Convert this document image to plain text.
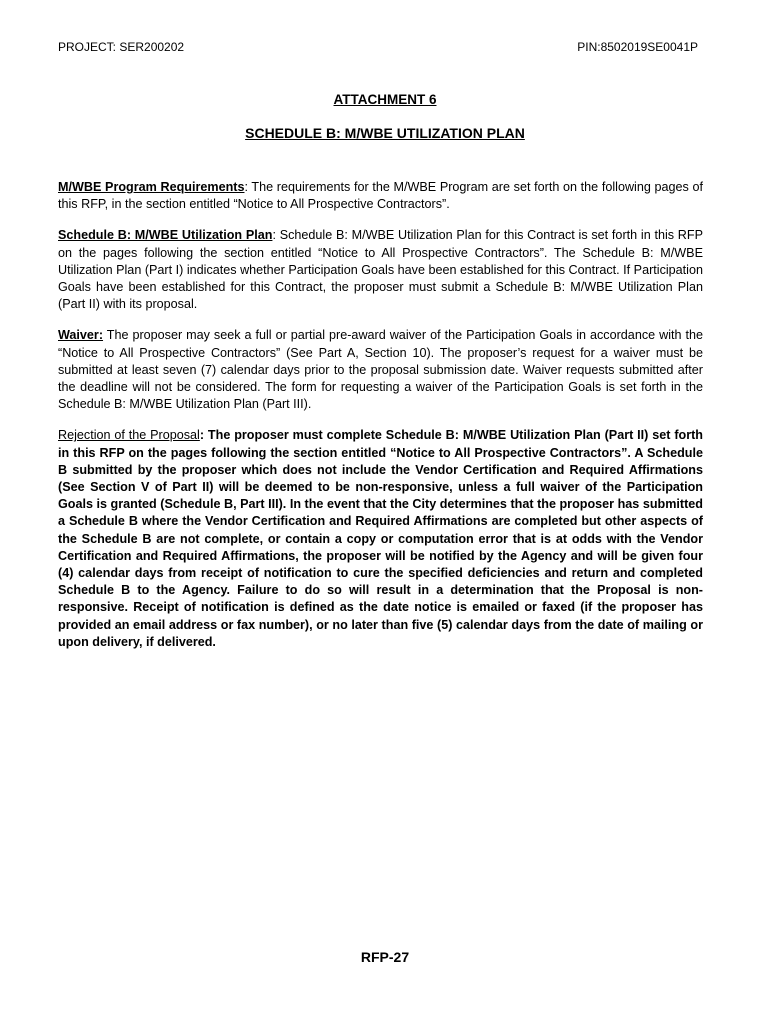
PROJECT: SER200202	PIN:8502019SE0041P
ATTACHMENT 6
SCHEDULE B: M/WBE UTILIZATION PLAN

M/WBE Program Requirements: The requirements for the M/WBE Program are set forth on the following pages of this RFP, in the section entitled “Notice to All Prospective Contractors”.

Schedule B: M/WBE Utilization Plan: Schedule B: M/WBE Utilization Plan for this Contract is set forth in this RFP on the pages following the section entitled “Notice to All Prospective Contractors”. The Schedule B: M/WBE Utilization Plan (Part I) indicates whether Participation Goals have been established for this Contract. If Participation Goals have been established for this Contract, the proposer must submit a Schedule B: M/WBE Utilization Plan (Part II) with its proposal.

Waiver: The proposer may seek a full or partial pre-award waiver of the Participation Goals in accordance with the “Notice to All Prospective Contractors” (See Part A, Section 10). The proposer’s request for a waiver must be submitted at least seven (7) calendar days prior to the proposal submission date. Waiver requests submitted after the deadline will not be considered. The form for requesting a waiver of the Participation Goals is set forth in the Schedule B: M/WBE Utilization Plan (Part III).

Rejection of the Proposal: The proposer must complete Schedule B: M/WBE Utilization Plan (Part II) set forth in this RFP on the pages following the section entitled “Notice to All Prospective Contractors”. A Schedule B submitted by the proposer which does not include the Vendor Certification and Required Affirmations (See Section V of Part II) will be deemed to be non-responsive, unless a full waiver of the Participation Goals is granted (Schedule B, Part III). In the event that the City determines that the proposer has submitted a Schedule B where the Vendor Certification and Required Affirmations are completed but other aspects of the Schedule B are not complete, or contain a copy or computation error that is at odds with the Vendor Certification and Required Affirmations, the proposer will be notified by the Agency and will be given four (4) calendar days from receipt of notification to cure the specified deficiencies and return and completed Schedule B to the Agency. Failure to do so will result in a determination that the Proposal is non-responsive. Receipt of notification is defined as the date notice is emailed or faxed (if the proposer has provided an email address or fax number), or no later than five (5) calendar days from the date of mailing or upon delivery, if delivered.

RFP-27
